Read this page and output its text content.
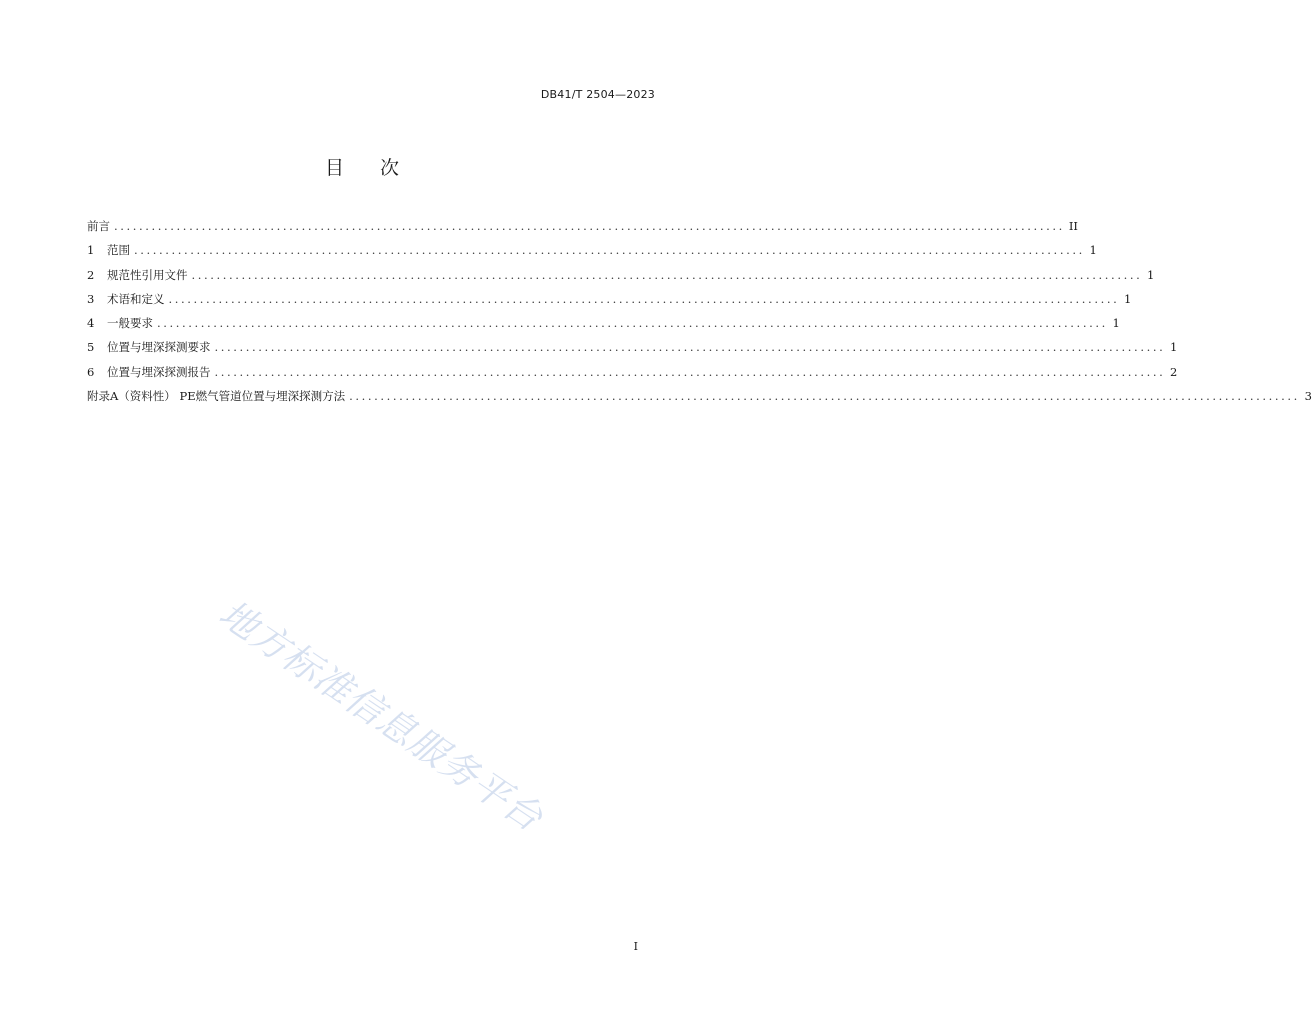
DB41/T 2504—2023
目次
前言 ........................................................................................................................................................ II
1	范围 ........................................................................................................................................................ 1
2	规范性引用文件 ........................................................................................................................................................ 1
3	术语和定义 ........................................................................................................................................................ 1
4	一般要求 ........................................................................................................................................................ 1
5	位置与埋深探测要求 ........................................................................................................................................................ 1
6	位置与埋深探测报告 ........................................................................................................................................................ 2
附录A（资料性） PE燃气管道位置与埋深探测方法 ........................................................................................................................................................ 3
地方标准信息服务平台
I
